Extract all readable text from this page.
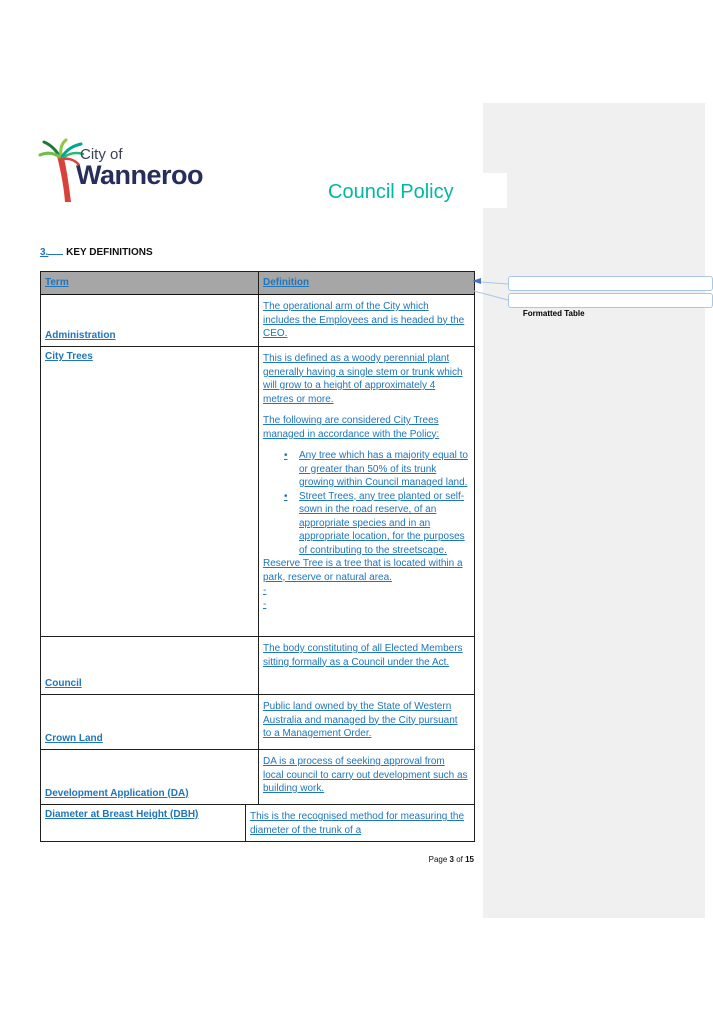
City of
Wanneroo
Council Policy
3. KEY DEFINITIONS
Term	Definition
Administration	The operational arm of the City which includes the Employees and is headed by the CEO.

City Trees	This is defined as a woody perennial plant generally having a single stem or trunk which will grow to a height of approximately 4 metres or more.

The following are considered City Trees managed in accordance with the Policy:

• Any tree which has a majority equal to or greater than 50% of its trunk growing within Council managed land.
• Street Trees, any tree planted or self-sown in the road reserve, of an appropriate species and in an appropriate location, for the purposes of contributing to the streetscape.

Reserve Tree is a tree that is located within a park, reserve or natural area.

-

-

Council	The body constituting of all Elected Members sitting formally as a Council under the Act.

Crown Land	Public land owned by the State of Western Australia and managed by the City pursuant to a Management Order.

Development Application (DA)	DA is a process of seeking approval from local council to carry out development such as building work.

Diameter at Breast Height (DBH)	This is the recognised method for measuring the diameter of the trunk of a

Page 3 of 15

Formatted Table
